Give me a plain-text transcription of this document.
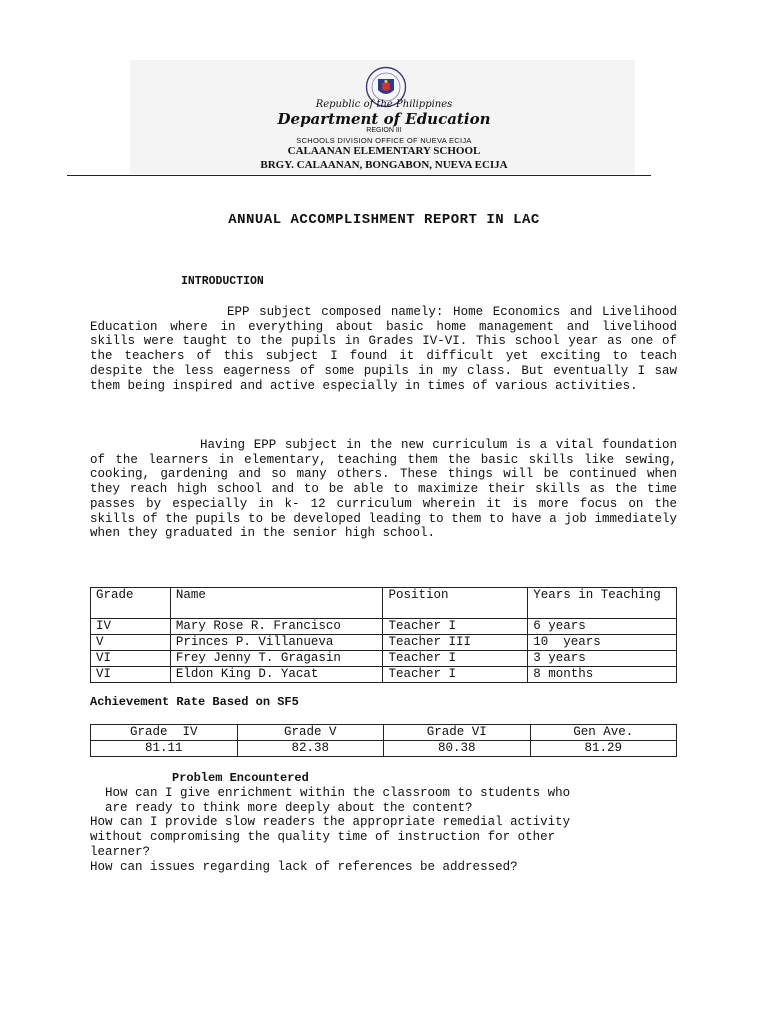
Republic of the Philippines
Department of Education
REGION III
SCHOOLS DIVISION OFFICE OF NUEVA ECIJA
CALAANAN ELEMENTARY SCHOOL
BRGY. CALAANAN, BONGABON, NUEVA ECIJA
ANNUAL ACCOMPLISHMENT REPORT IN LAC
INTRODUCTION
EPP subject composed namely: Home Economics and Livelihood Education where in everything about basic home management and livelihood skills were taught to the pupils in Grades IV-VI. This school year as one of the teachers of this subject I found it difficult yet exciting to teach despite the less eagerness of some pupils in my class. But eventually I saw them being inspired and active especially in times of various activities.
Having EPP subject in the new curriculum is a vital foundation of the learners in elementary, teaching them the basic skills like sewing, cooking, gardening and so many others. These things will be continued when they reach high school and to be able to maximize their skills as the time passes by especially in k- 12 curriculum wherein it is more focus on the skills of the pupils to be developed leading to them to have a job immediately when they graduated in the senior high school.
Grade	Name	Position	Years in Teaching
IV	Mary Rose R. Francisco	Teacher I	6 years
V	Princes P. Villanueva	Teacher III	10  years
VI	Frey Jenny T. Gragasin	Teacher I	3 years
VI	Eldon King D. Yacat	Teacher I	8 months
Achievement Rate Based on SF5
Grade  IV	Grade V	Grade VI	Gen Ave.
81.11	82.38	80.38	81.29
Problem Encountered
How can I give enrichment within the classroom to students who
are ready to think more deeply about the content?
How can I provide slow readers the appropriate remedial activity
without compromising the quality time of instruction for other
learner?
How can issues regarding lack of references be addressed?
